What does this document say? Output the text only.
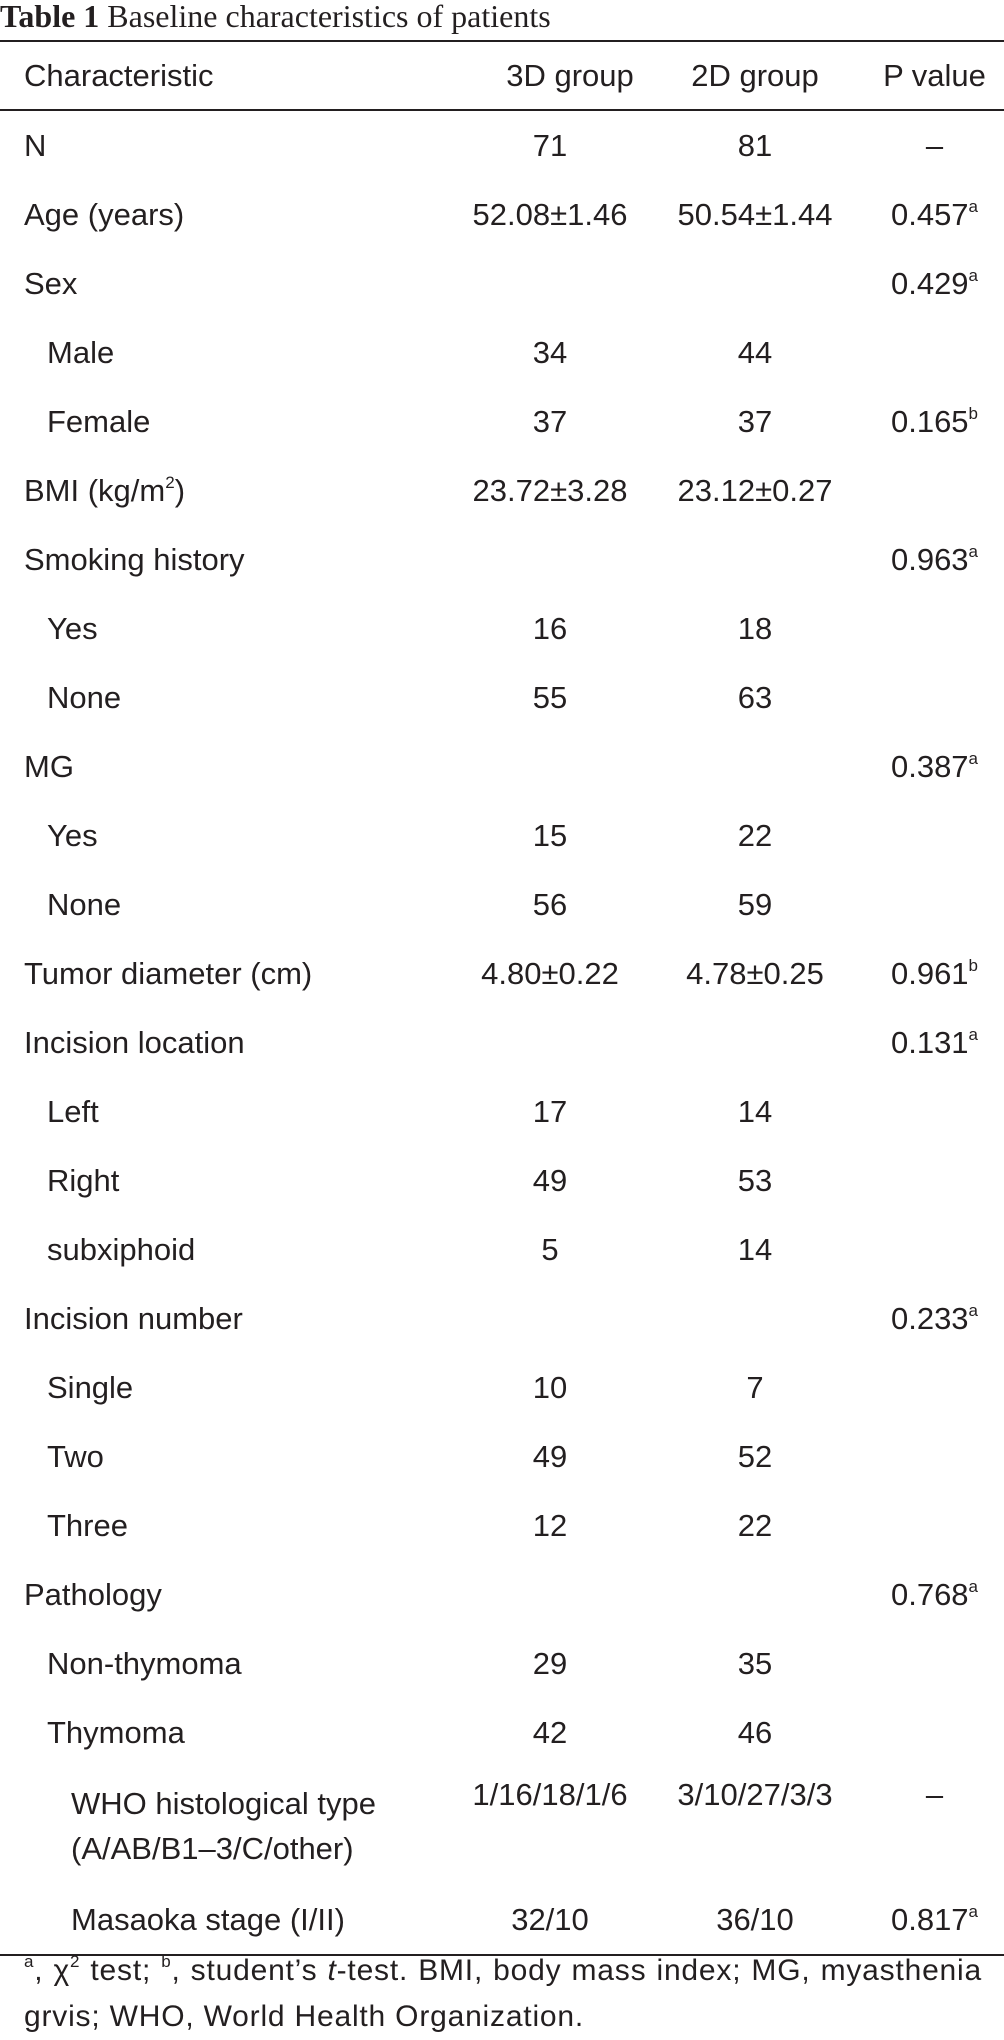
Table 1 Baseline characteristics of patients
Characteristic	3D group	2D group	P value
N	71	81	–
Age (years)	52.08±1.46	50.54±1.44	0.457$^a$
Sex			0.429$^a$
Male	34	44	
Female	37	37	0.165$^b$
BMI $(kg/m^2)$	23.72±3.28	23.12±0.27	
Smoking history			0.963$^a$
Yes	16	18	
None	55	63	
MG			0.387$^a$
Yes	15	22	
None	56	59	
Tumor diameter (cm)	4.80±0.22	4.78±0.25	0.961$^b$
Incision location			0.131$^a$
Left	17	14	
Right	49	53	
subxiphoid	5	14	
Incision number			0.233$^a$
Single	10	7	
Two	49	52	
Three	12	22	
Pathology			0.768$^a$
Non-thymoma	29	35	
Thymoma	42	46	
WHO histological type
(A/AB/B1–3/C/other)	1/16/18/1/6	3/10/27/3/3	–
Masaoka stage (I/II)	32/10	36/10	0.817$^a$
$^a$, $\chi^2$ test; $^b$, student’s t-test. BMI, body mass index; MG, myasthenia grvis; WHO, World Health Organization.
